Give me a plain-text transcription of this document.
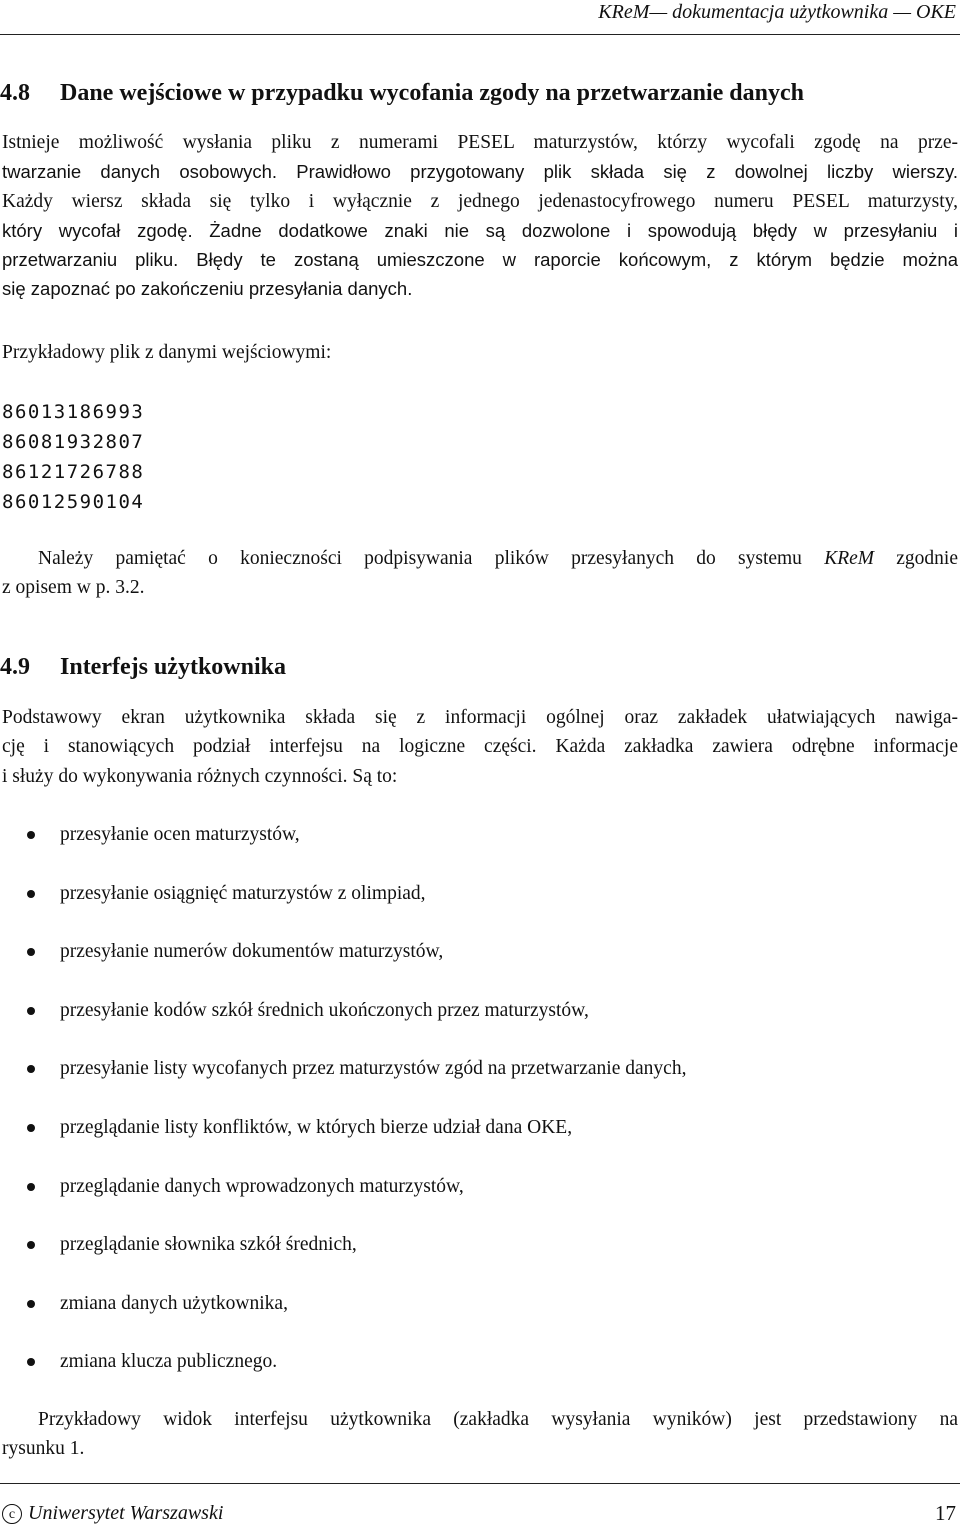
KReM— dokumentacja użytkownika — OKE
4.8 Dane wejściowe w przypadku wycofania zgody na przetwarzanie danych
Istnieje możliwość wysłania pliku z numerami PESEL maturzystów, którzy wycofali zgodę na prze-
twarzanie danych osobowych. Prawidłowo przygotowany plik składa się z dowolnej liczby wierszy.
Każdy wiersz składa się tylko i wyłącznie z jednego jedenastocyfrowego numeru PESEL maturzysty,
który wycofał zgodę. Żadne dodatkowe znaki nie są dozwolone i spowodują błędy w przesyłaniu i
przetwarzaniu pliku. Błędy te zostaną umieszczone w raporcie końcowym, z którym będzie można
się zapoznać po zakończeniu przesyłania danych.
Przykładowy plik z danymi wejściowymi:
86013186993
86081932807
86121726788
86012590104
Należy pamiętać o konieczności podpisywania plików przesyłanych do systemu KReM zgodnie
z opisem w p. 3.2.
4.9 Interfejs użytkownika
Podstawowy ekran użytkownika składa się z informacji ogólnej oraz zakładek ułatwiających nawiga-
cję i stanowiących podział interfejsu na logiczne części. Każda zakładka zawiera odrębne informacje
i służy do wykonywania różnych czynności. Są to:
przesyłanie ocen maturzystów,
przesyłanie osiągnięć maturzystów z olimpiad,
przesyłanie numerów dokumentów maturzystów,
przesyłanie kodów szkół średnich ukończonych przez maturzystów,
przesyłanie listy wycofanych przez maturzystów zgód na przetwarzanie danych,
przeglądanie listy konfliktów, w których bierze udział dana OKE,
przeglądanie danych wprowadzonych maturzystów,
przeglądanie słownika szkół średnich,
zmiana danych użytkownika,
zmiana klucza publicznego.
Przykładowy widok interfejsu użytkownika (zakładka wysyłania wyników) jest przedstawiony na
rysunku 1.
c Uniwersytet Warszawski	17
